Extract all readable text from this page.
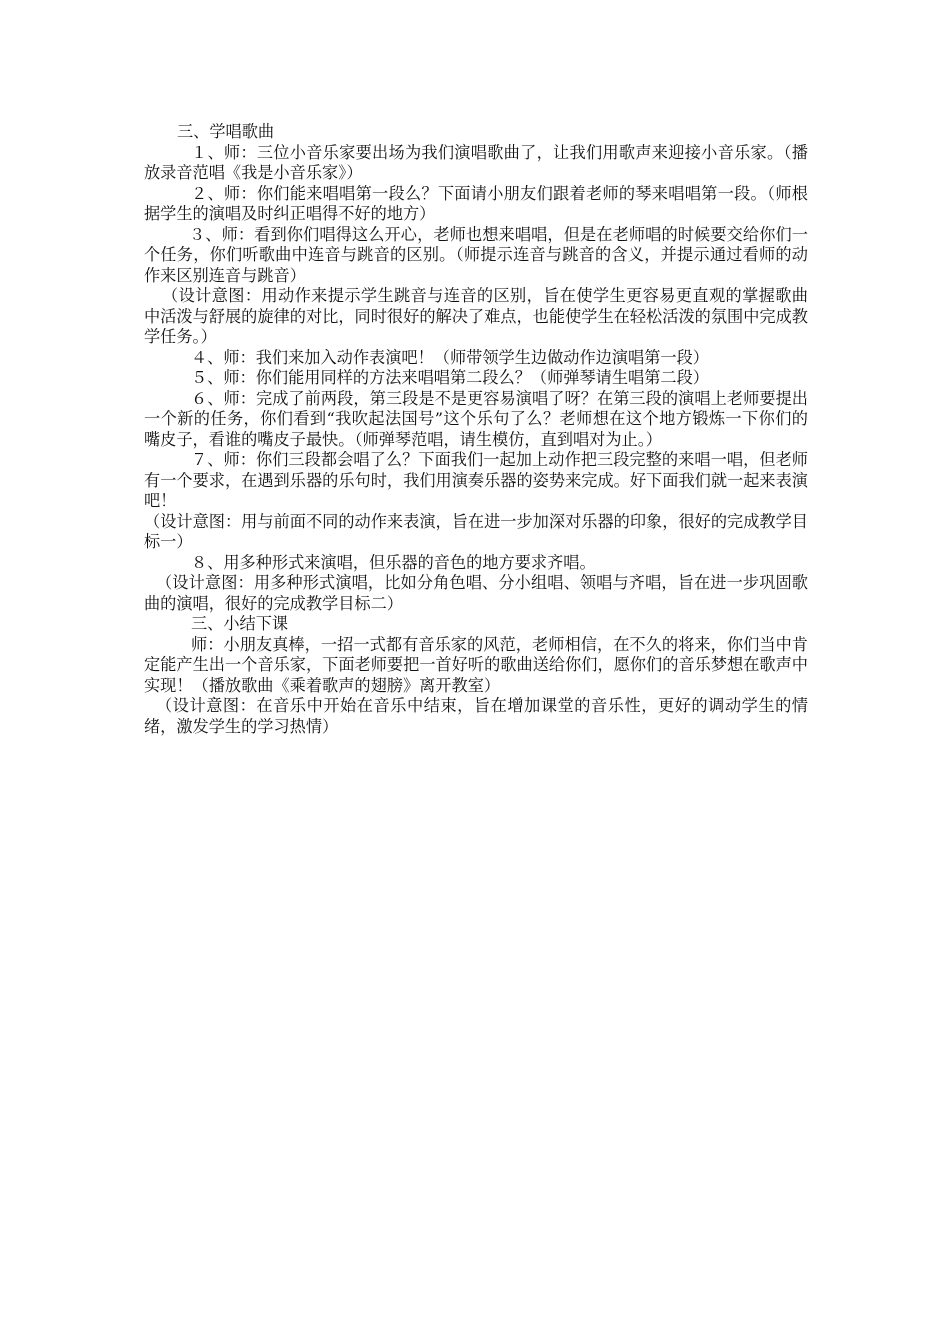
三、学唱歌曲

１、师：三位小音乐家要出场为我们演唱歌曲了，让我们用歌声来迎接小音乐家。（播放录音范唱《我是小音乐家》）

２、师：你们能来唱唱第一段么？下面请小朋友们跟着老师的琴来唱唱第一段。（师根据学生的演唱及时纠正唱得不好的地方）

３、师：看到你们唱得这么开心，老师也想来唱唱，但是在老师唱的时候要交给你们一个任务，你们听歌曲中连音与跳音的区别。（师提示连音与跳音的含义，并提示通过看师的动作来区别连音与跳音）

（设计意图：用动作来提示学生跳音与连音的区别，旨在使学生更容易更直观的掌握歌曲中活泼与舒展的旋律的对比，同时很好的解决了难点，也能使学生在轻松活泼的氛围中完成教学任务。）

４、师：我们来加入动作表演吧！（师带领学生边做动作边演唱第一段）

５、师：你们能用同样的方法来唱唱第二段么？（师弹琴请生唱第二段）

６、师：完成了前两段，第三段是不是更容易演唱了呀？在第三段的演唱上老师要提出一个新的任务，你们看到“我吹起法国号”这个乐句了么？老师想在这个地方锻炼一下你们的嘴皮子，看谁的嘴皮子最快。（师弹琴范唱，请生模仿，直到唱对为止。）

７、师：你们三段都会唱了么？下面我们一起加上动作把三段完整的来唱一唱，但老师有一个要求，在遇到乐器的乐句时，我们用演奏乐器的姿势来完成。好下面我们就一起来表演吧！

（设计意图：用与前面不同的动作来表演，旨在进一步加深对乐器的印象，很好的完成教学目标一）

８、用多种形式来演唱，但乐器的音色的地方要求齐唱。

（设计意图：用多种形式演唱，比如分角色唱、分小组唱、领唱与齐唱，旨在进一步巩固歌曲的演唱，很好的完成教学目标二）

三、小结下课

师：小朋友真棒，一招一式都有音乐家的风范，老师相信，在不久的将来，你们当中肯定能产生出一个音乐家，下面老师要把一首好听的歌曲送给你们，愿你们的音乐梦想在歌声中实现！（播放歌曲《乘着歌声的翅膀》离开教室）

（设计意图：在音乐中开始在音乐中结束，旨在增加课堂的音乐性，更好的调动学生的情绪，激发学生的学习热情）
